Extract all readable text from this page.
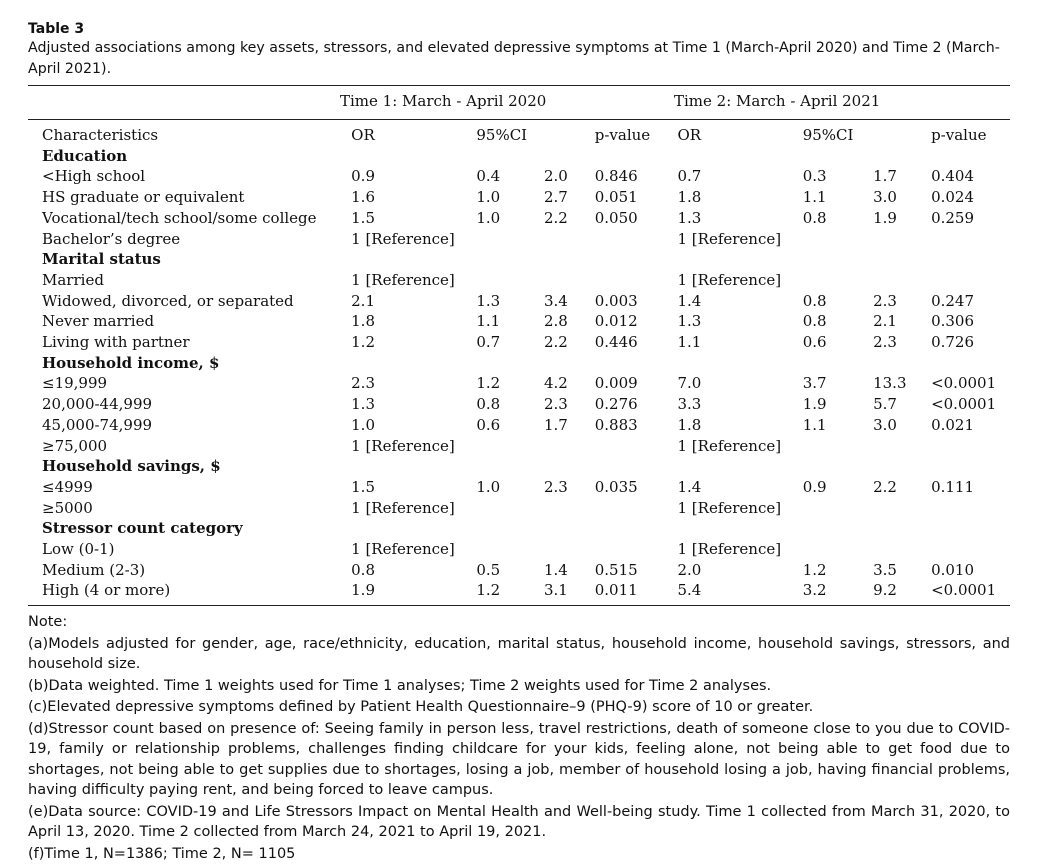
Table 3

Adjusted associations among key assets, stressors, and elevated depressive symptoms at Time 1 (March-April 2020) and Time 2 (March-April 2021).

Time 1: March - April 2020	Time 2: March - April 2021
Characteristics	OR	95%CI		p-value	OR	95%CI		p-value
Education								
<High school	0.9	0.4	2.0	0.846	0.7	0.3	1.7	0.404
HS graduate or equivalent	1.6	1.0	2.7	0.051	1.8	1.1	3.0	0.024
Vocational/tech school/some college	1.5	1.0	2.2	0.050	1.3	0.8	1.9	0.259
Bachelor’s degree	1 [Reference]				1 [Reference]			
Marital status								
Married	1 [Reference]				1 [Reference]			
Widowed, divorced, or separated	2.1	1.3	3.4	0.003	1.4	0.8	2.3	0.247
Never married	1.8	1.1	2.8	0.012	1.3	0.8	2.1	0.306
Living with partner	1.2	0.7	2.2	0.446	1.1	0.6	2.3	0.726
Household income, $								
≤19,999	2.3	1.2	4.2	0.009	7.0	3.7	13.3	<0.0001
20,000-44,999	1.3	0.8	2.3	0.276	3.3	1.9	5.7	<0.0001
45,000-74,999	1.0	0.6	1.7	0.883	1.8	1.1	3.0	0.021
≥75,000	1 [Reference]				1 [Reference]			
Household savings, $								
≤4999	1.5	1.0	2.3	0.035	1.4	0.9	2.2	0.111
≥5000	1 [Reference]				1 [Reference]			
Stressor count category								
Low (0-1)	1 [Reference]				1 [Reference]			
Medium (2-3)	0.8	0.5	1.4	0.515	2.0	1.2	3.5	0.010
High (4 or more)	1.9	1.2	3.1	0.011	5.4	3.2	9.2	<0.0001

Note:

(a)Models adjusted for gender, age, race/ethnicity, education, marital status, household income, household savings, stressors, and household size.

(b)Data weighted. Time 1 weights used for Time 1 analyses; Time 2 weights used for Time 2 analyses.

(c)Elevated depressive symptoms defined by Patient Health Questionnaire–9 (PHQ-9) score of 10 or greater.

(d)Stressor count based on presence of: Seeing family in person less, travel restrictions, death of someone close to you due to COVID-19, family or relationship problems, challenges finding childcare for your kids, feeling alone, not being able to get food due to shortages, not being able to get supplies due to shortages, losing a job, member of household losing a job, having financial problems, having difficulty paying rent, and being forced to leave campus.

(e)Data source: COVID-19 and Life Stressors Impact on Mental Health and Well-being study. Time 1 collected from March 31, 2020, to April 13, 2020. Time 2 collected from March 24, 2021 to April 19, 2021.

(f)Time 1, N=1386; Time 2, N= 1105
